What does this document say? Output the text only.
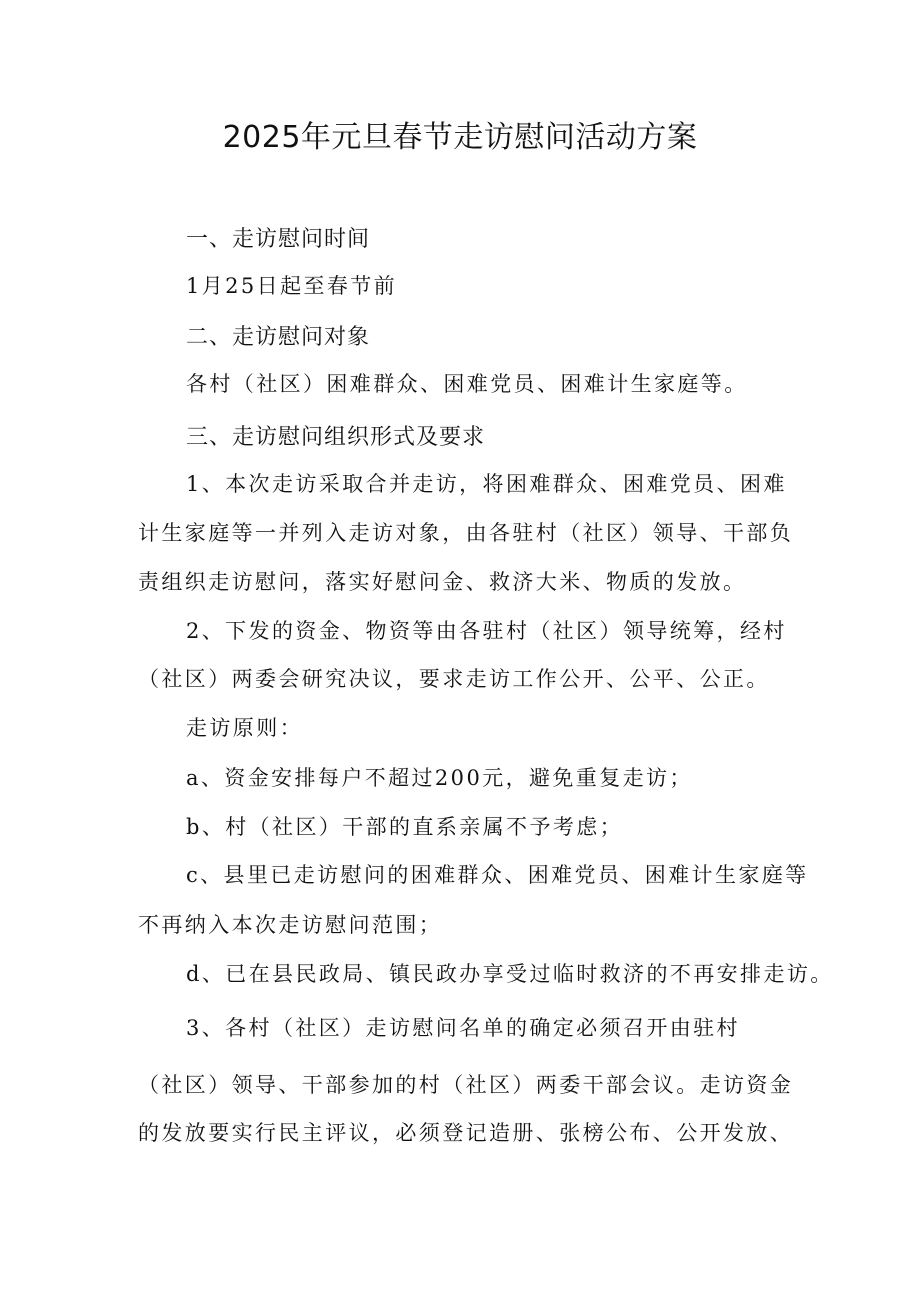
2025年元旦春节走访慰问活动方案
一、走访慰问时间
1月25日起至春节前
二、走访慰问对象
各村（社区）困难群众、困难党员、困难计生家庭等。
三、走访慰问组织形式及要求
1、本次走访采取合并走访，将困难群众、困难党员、困难
计生家庭等一并列入走访对象，由各驻村（社区）领导、干部负
责组织走访慰问，落实好慰问金、救济大米、物质的发放。
2、下发的资金、物资等由各驻村（社区）领导统筹，经村
（社区）两委会研究决议，要求走访工作公开、公平、公正。
走访原则：
a、资金安排每户不超过200元，避免重复走访；
b、村（社区）干部的直系亲属不予考虑；
c、县里已走访慰问的困难群众、困难党员、困难计生家庭等
不再纳入本次走访慰问范围；
d、已在县民政局、镇民政办享受过临时救济的不再安排走访。
3、各村（社区）走访慰问名单的确定必须召开由驻村
（社区）领导、干部参加的村（社区）两委干部会议。走访资金
的发放要实行民主评议，必须登记造册、张榜公布、公开发放、
